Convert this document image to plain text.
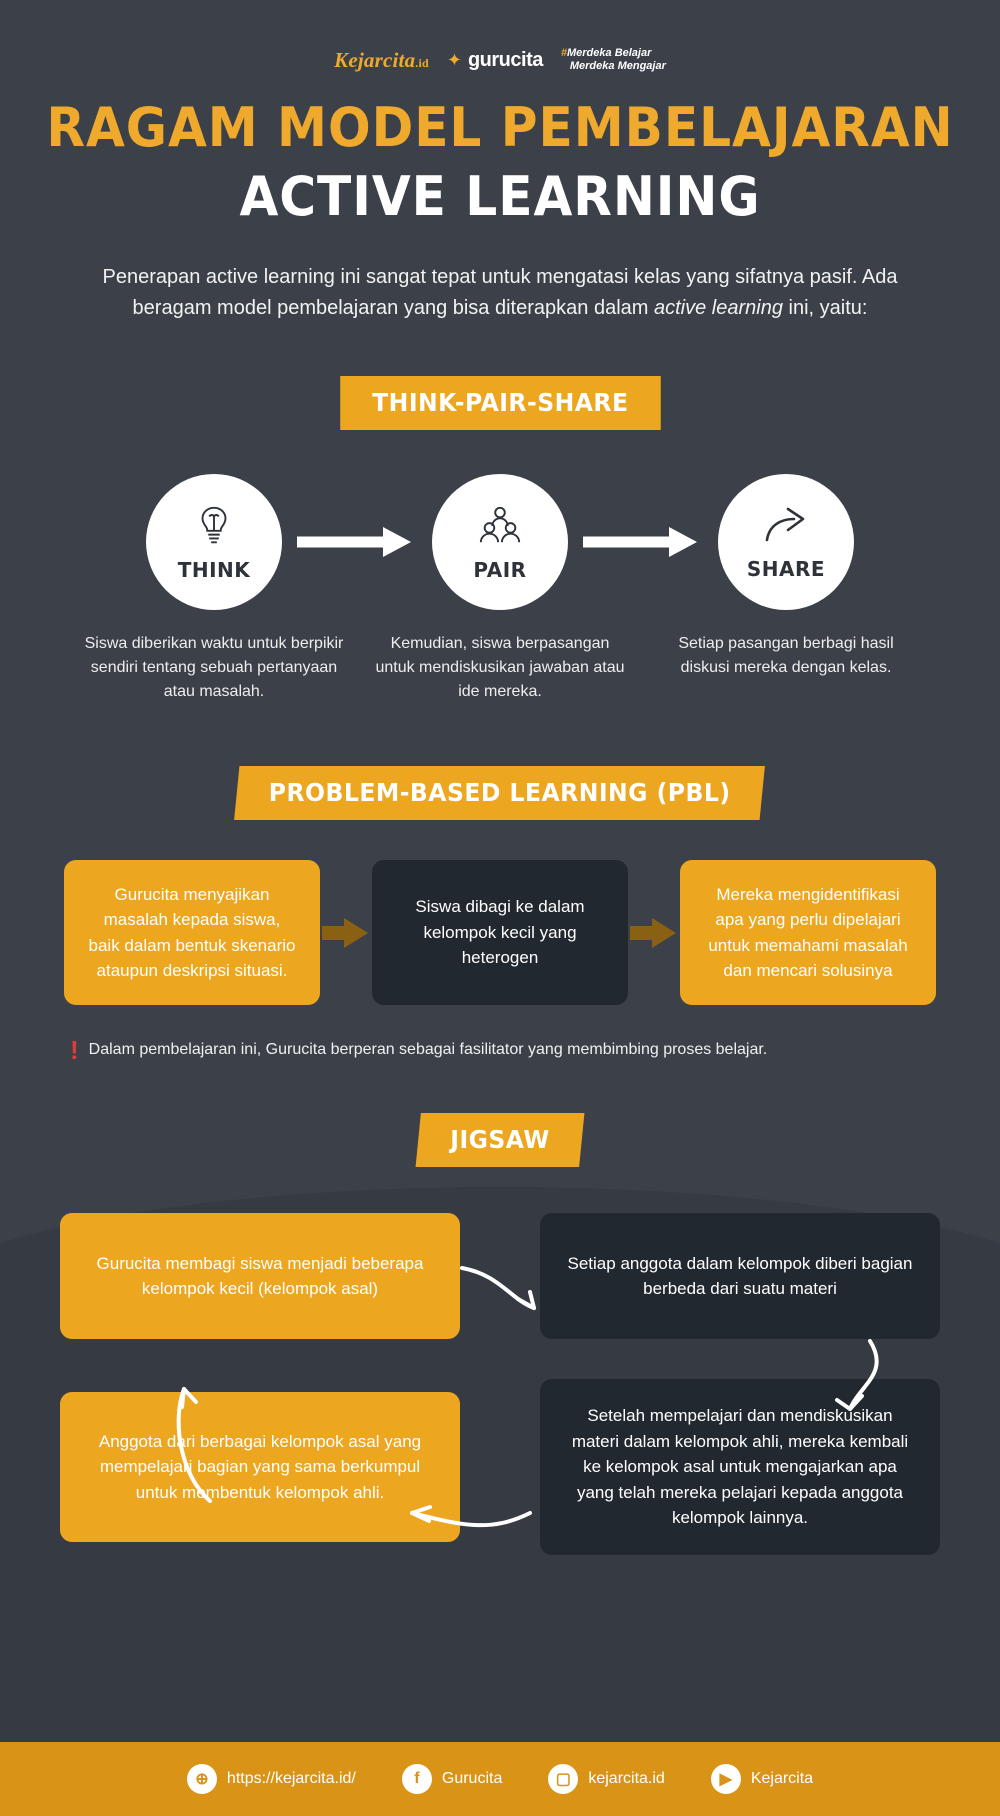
Kejarcita.id ✦ gurucita #Merdeka Belajar
Merdeka Mengajar
RAGAM MODEL PEMBELAJARAN
ACTIVE LEARNING

Penerapan active learning ini sangat tepat untuk mengatasi kelas yang sifatnya pasif. Ada beragam model pembelajaran yang bisa diterapkan dalam active learning ini, yaitu:

THINK-PAIR-SHARE
THINK	PAIR	SHARE
Siswa diberikan waktu untuk berpikir sendiri tentang sebuah pertanyaan atau masalah.
Kemudian, siswa berpasangan untuk mendiskusikan jawaban atau ide mereka.
Setiap pasangan berbagi hasil diskusi mereka dengan kelas.
PROBLEM-BASED LEARNING (PBL)
Gurucita menyajikan masalah kepada siswa, baik dalam bentuk skenario ataupun deskripsi situasi.
Siswa dibagi ke dalam kelompok kecil yang heterogen
Mereka mengidentifikasi apa yang perlu dipelajari untuk memahami masalah dan mencari solusinya
! Dalam pembelajaran ini, Gurucita berperan sebagai fasilitator yang membimbing proses belajar.
JIGSAW
Gurucita membagi siswa menjadi beberapa kelompok kecil (kelompok asal)
Setiap anggota dalam kelompok diberi bagian berbeda dari suatu materi
Anggota dari berbagai kelompok asal yang mempelajari bagian yang sama berkumpul untuk membentuk kelompok ahli.
Setelah mempelajari dan mendiskusikan materi dalam kelompok ahli, mereka kembali ke kelompok asal untuk mengajarkan apa yang telah mereka pelajari kepada anggota kelompok lainnya.
⊕	https://kejarcita.id/	f	Gurucita	▢	kejarcita.id	▶	Kejarcita
